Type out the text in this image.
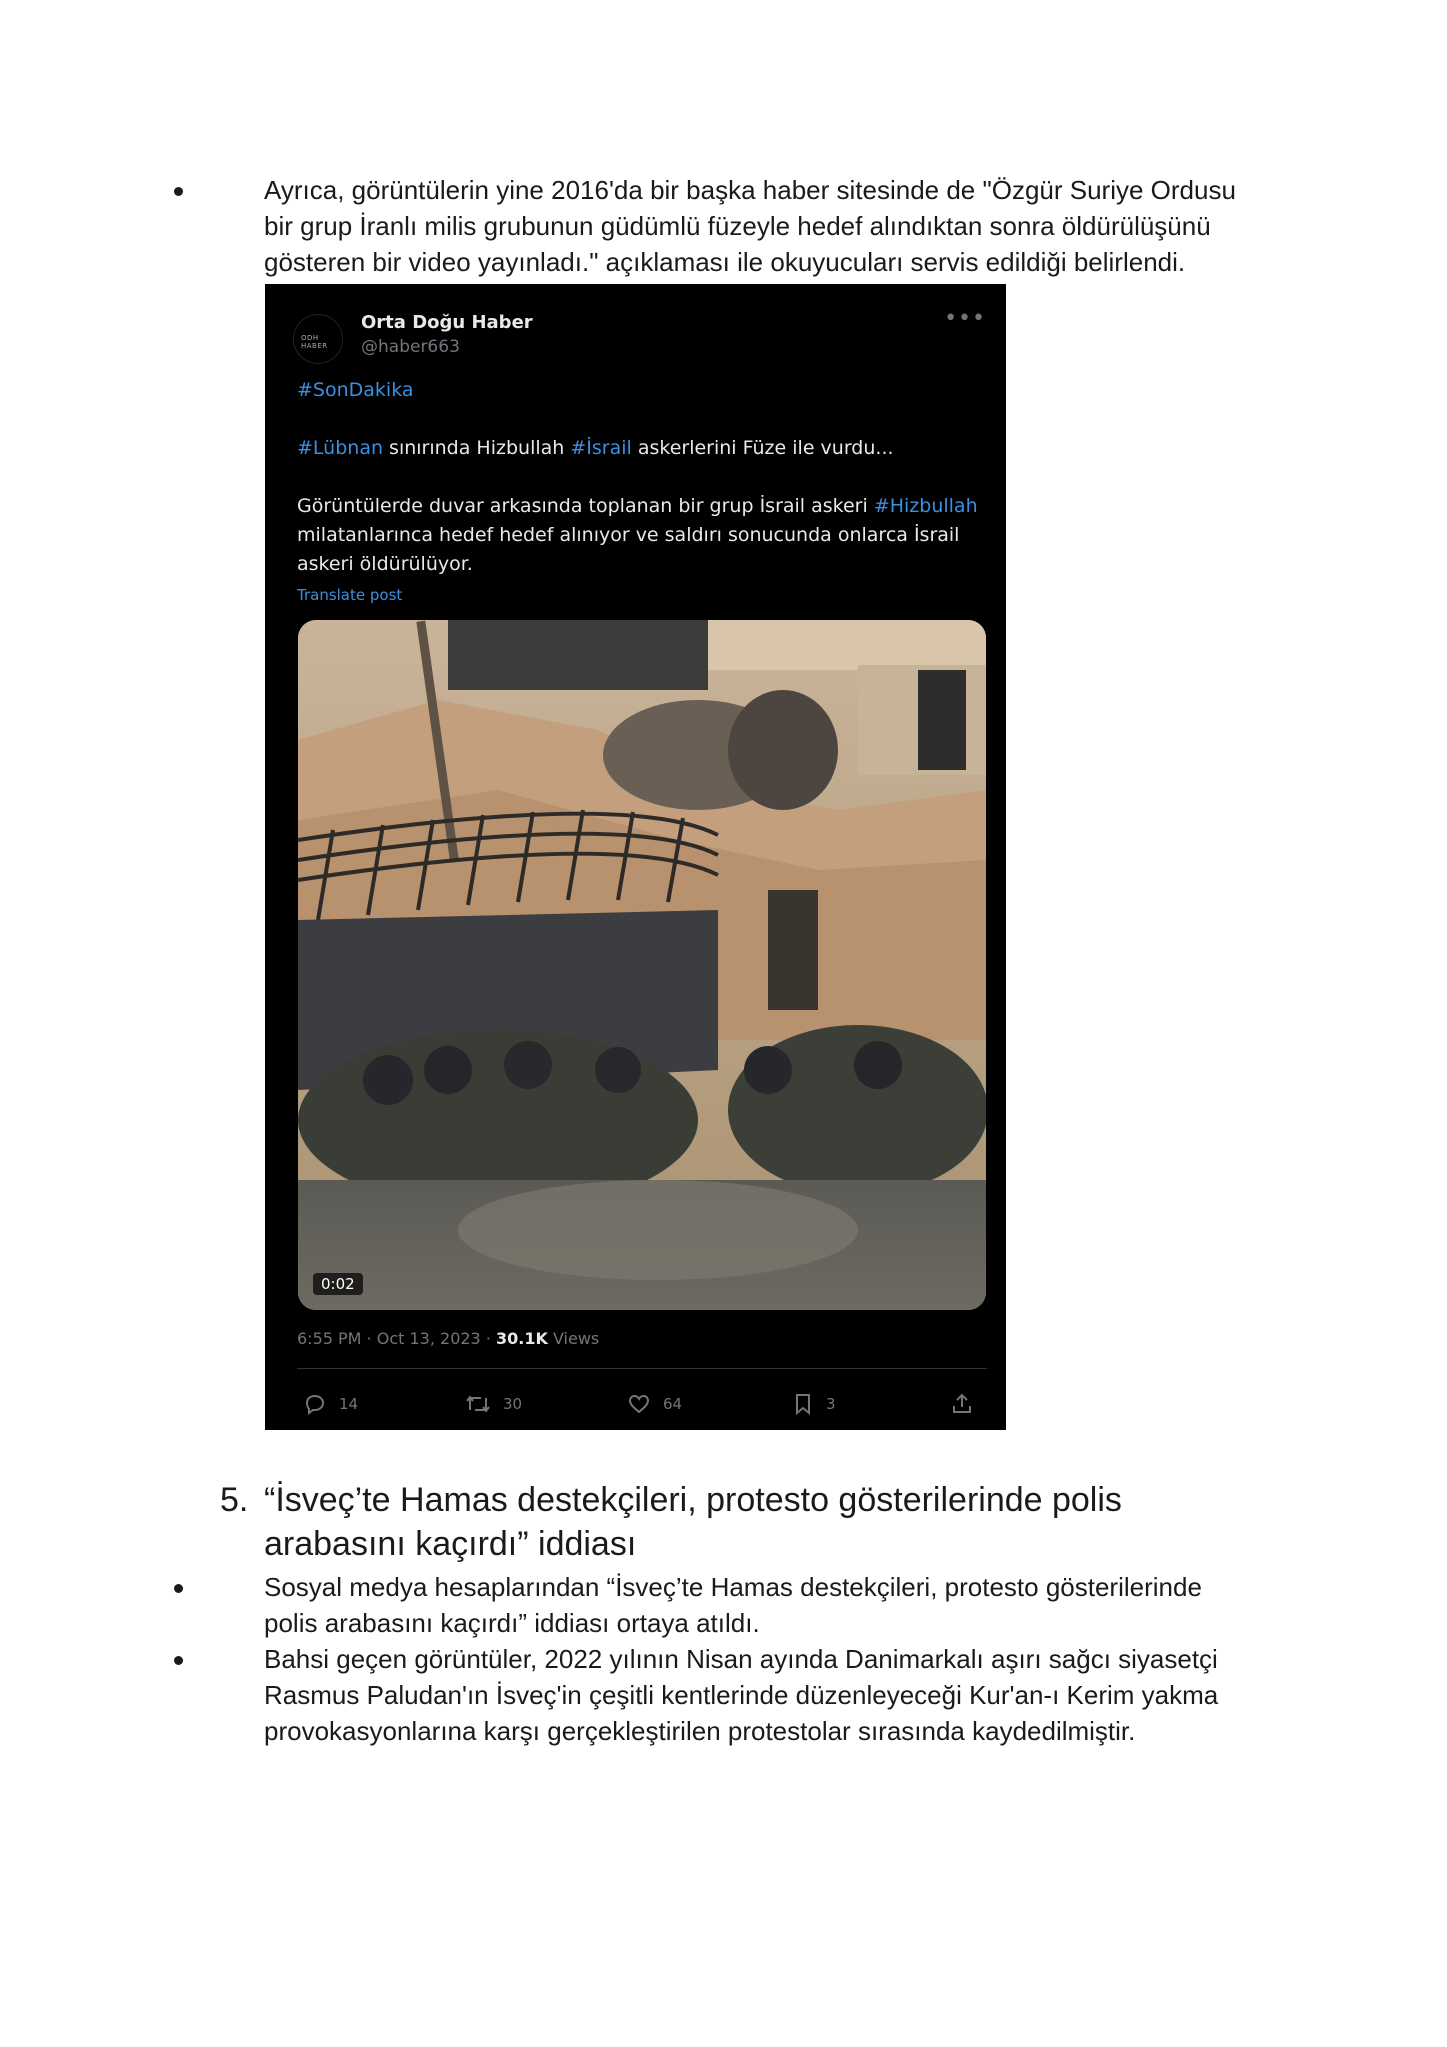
Ayrıca, görüntülerin yine 2016'da bir başka haber sitesinde de "Özgür Suriye Ordusu
bir grup İranlı milis grubunun güdümlü füzeyle hedef alındıktan sonra öldürülüşünü
gösteren bir video yayınladı." açıklaması ile okuyucuları servis edildiği belirlendi.
ODH HABER
Orta Doğu Haber
@haber663
•••
#SonDakika
#Lübnan sınırında Hizbullah #İsrail askerlerini Füze ile vurdu...
Görüntülerde duvar arkasında toplanan bir grup İsrail askeri #Hizbullah
milatanlarınca hedef hedef alınıyor ve saldırı sonucunda onlarca İsrail
askeri öldürülüyor.
Translate post
0:02
6:55 PM · Oct 13, 2023 · 30.1K Views
14	30	64	3
5. “İsveç’te Hamas destekçileri, protesto gösterilerinde polis
arabasını kaçırdı” iddiası
Sosyal medya hesaplarından “İsveç’te Hamas destekçileri, protesto gösterilerinde
polis arabasını kaçırdı” iddiası ortaya atıldı.
Bahsi geçen görüntüler, 2022 yılının Nisan ayında Danimarkalı aşırı sağcı siyasetçi
Rasmus Paludan'ın İsveç'in çeşitli kentlerinde düzenleyeceği Kur'an-ı Kerim yakma
provokasyonlarına karşı gerçekleştirilen protestolar sırasında kaydedilmiştir.
